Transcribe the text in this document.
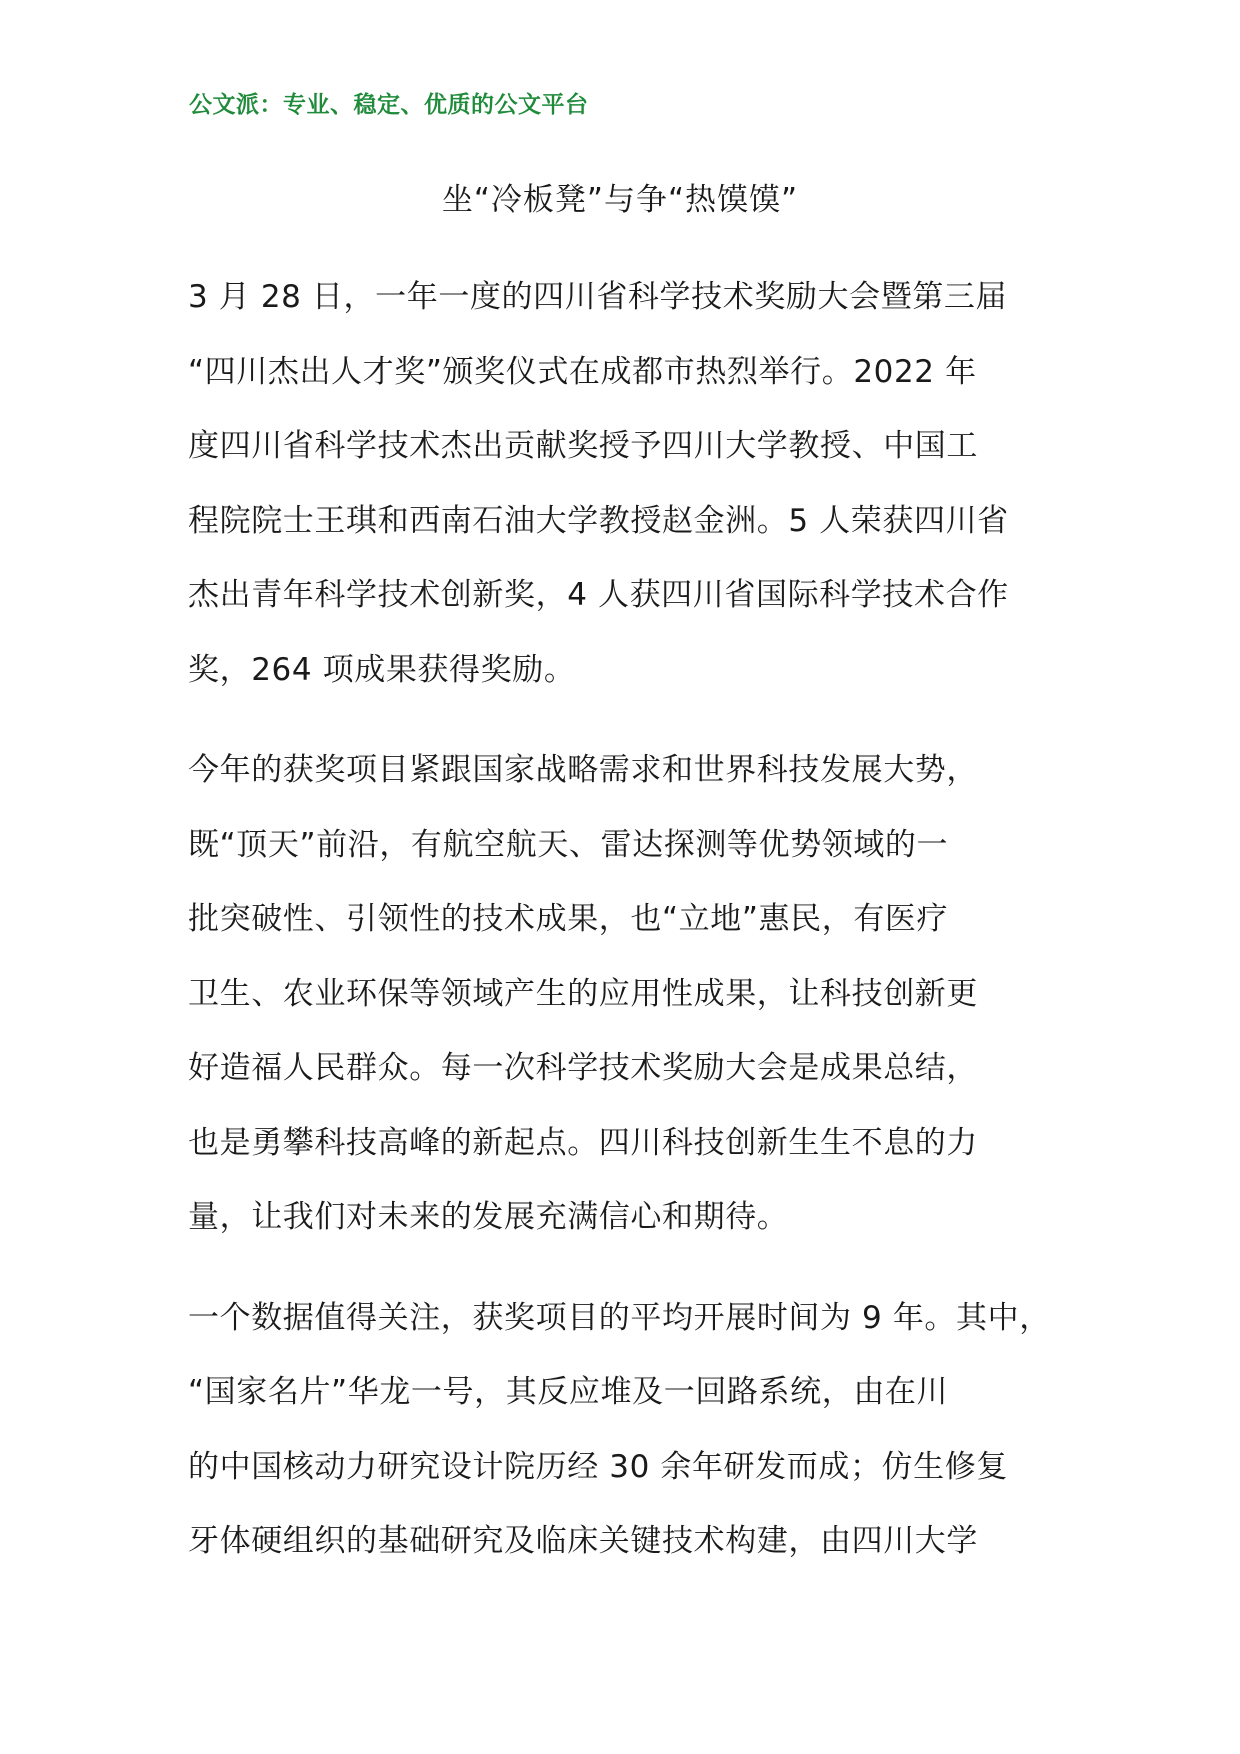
公文派：专业、稳定、优质的公文平台
坐“冷板凳”与争“热馍馍”

3 月 28 日，一年一度的四川省科学技术奖励大会暨第三届
“四川杰出人才奖”颁奖仪式在成都市热烈举行。2022 年
度四川省科学技术杰出贡献奖授予四川大学教授、中国工
程院院士王琪和西南石油大学教授赵金洲。5 人荣获四川省
杰出青年科学技术创新奖，4 人获四川省国际科学技术合作
奖，264 项成果获得奖励。

今年的获奖项目紧跟国家战略需求和世界科技发展大势，
既“顶天”前沿，有航空航天、雷达探测等优势领域的一
批突破性、引领性的技术成果，也“立地”惠民，有医疗
卫生、农业环保等领域产生的应用性成果，让科技创新更
好造福人民群众。每一次科学技术奖励大会是成果总结，
也是勇攀科技高峰的新起点。四川科技创新生生不息的力
量，让我们对未来的发展充满信心和期待。

一个数据值得关注，获奖项目的平均开展时间为 9 年。其中，
“国家名片”华龙一号，其反应堆及一回路系统，由在川
的中国核动力研究设计院历经 30 余年研发而成；仿生修复
牙体硬组织的基础研究及临床关键技术构建，由四川大学
